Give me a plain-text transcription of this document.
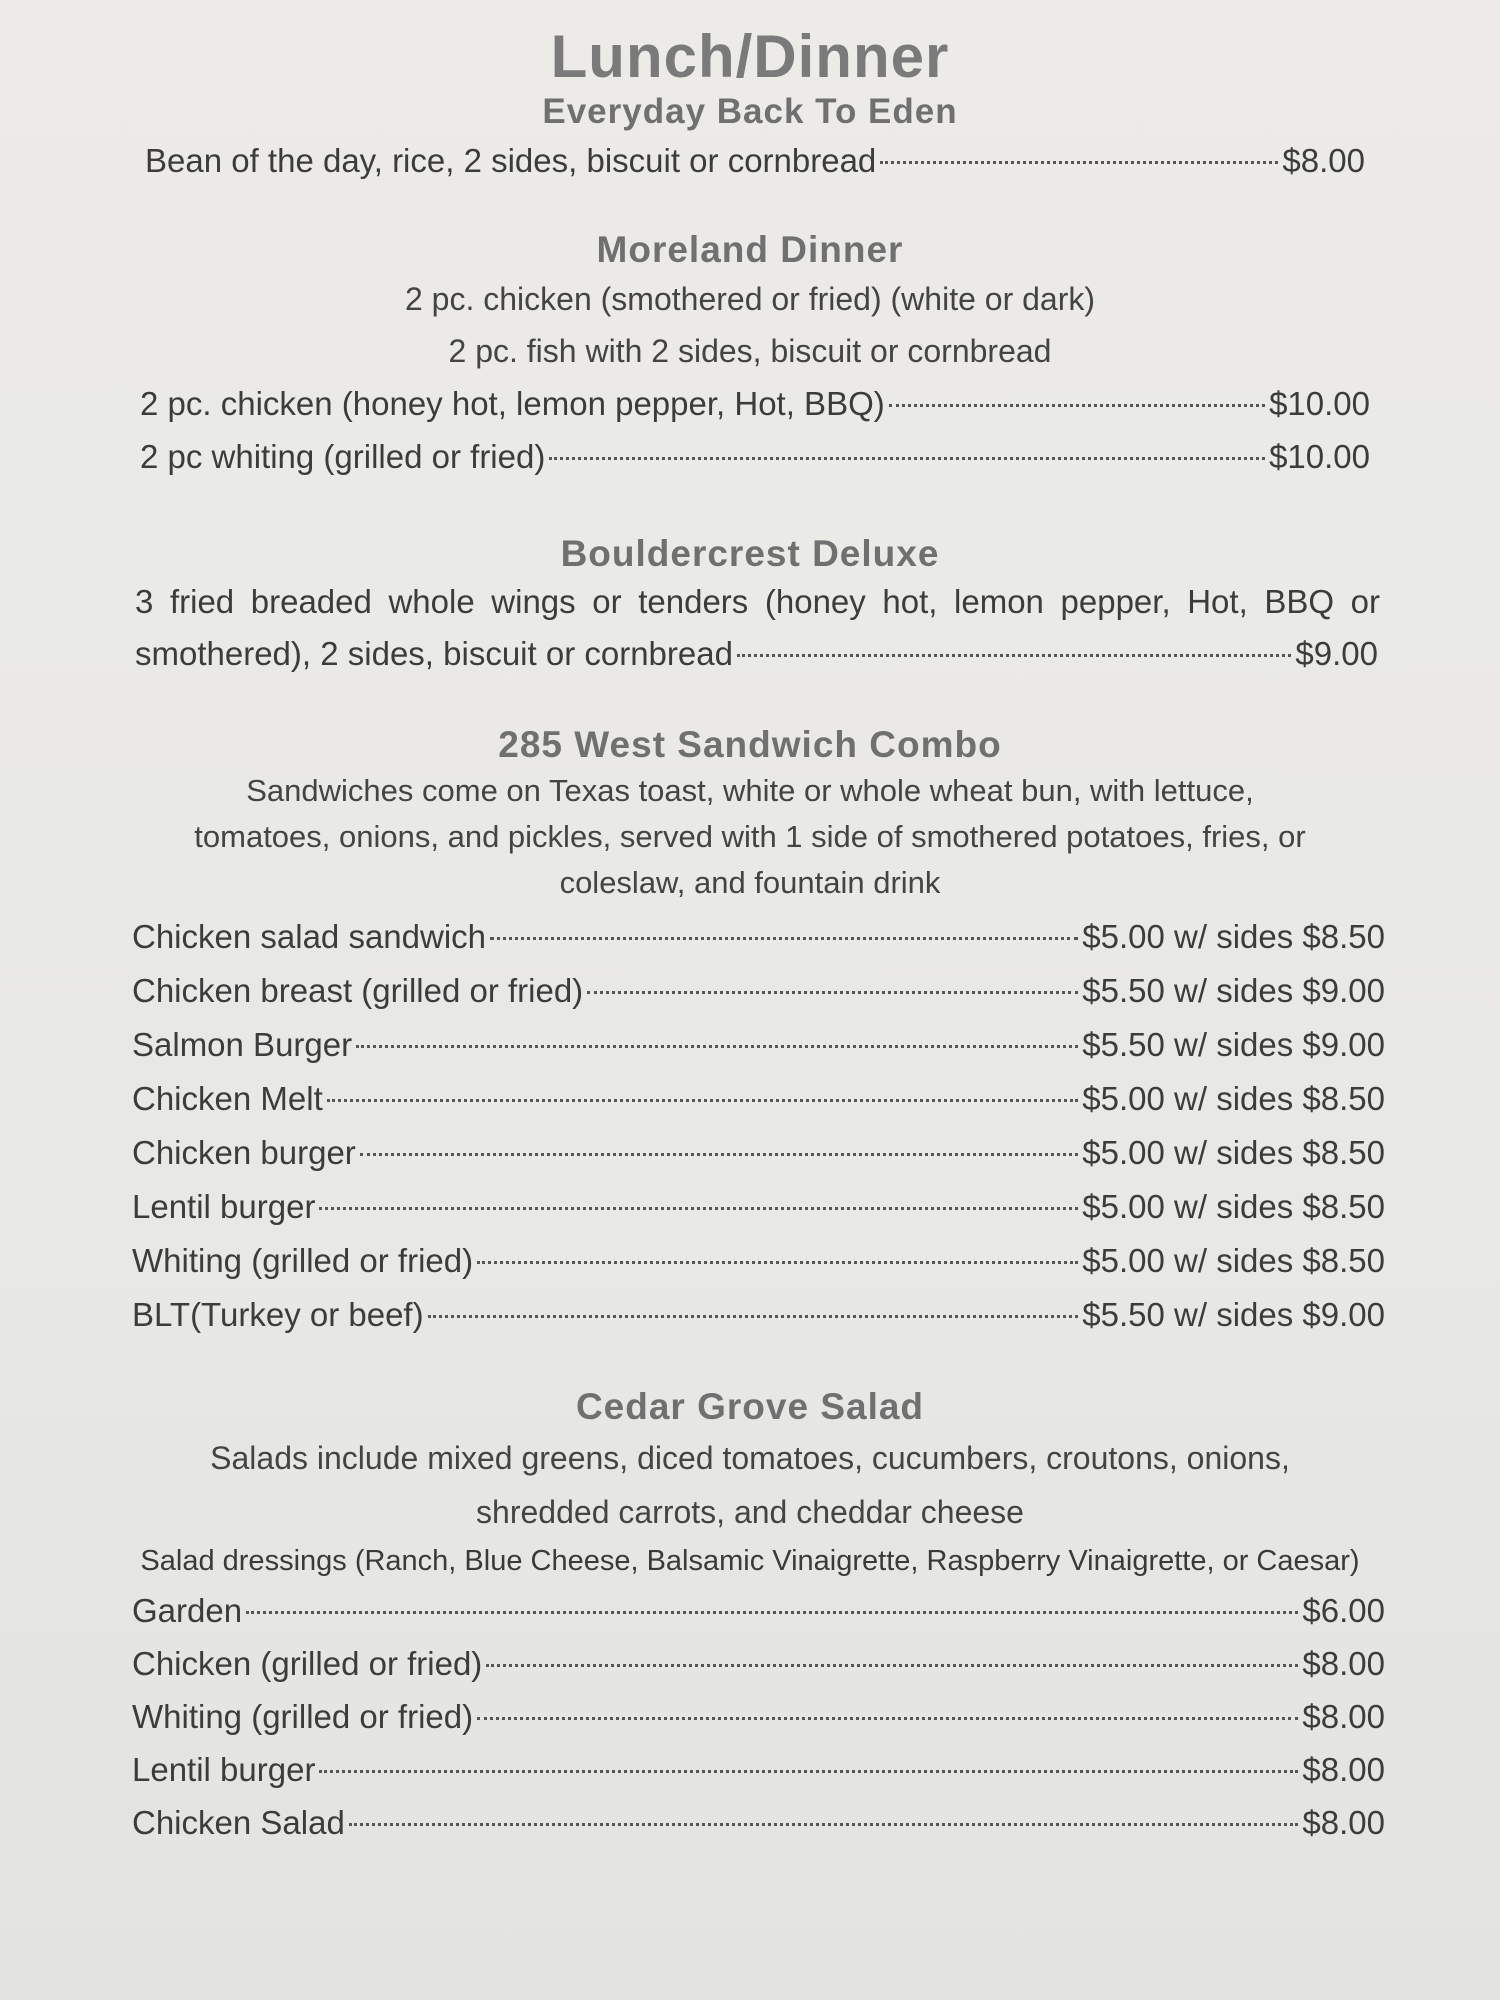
Lunch/Dinner
Everyday Back To Eden
Bean of the day, rice, 2 sides, biscuit or cornbread	$8.00
Moreland Dinner
2 pc. chicken (smothered or fried) (white or dark)
2 pc. fish with 2 sides, biscuit or cornbread
2 pc. chicken (honey hot, lemon pepper, Hot, BBQ)	$10.00
2 pc whiting (grilled or fried)	$10.00
Bouldercrest Deluxe
3 fried breaded whole wings or tenders (honey hot, lemon pepper, Hot, BBQ or
smothered), 2 sides, biscuit or cornbread	$9.00
285 West Sandwich Combo
Sandwiches come on Texas toast, white or whole wheat bun, with lettuce,
tomatoes, onions, and pickles, served with 1 side of smothered potatoes, fries, or
coleslaw, and fountain drink
Chicken salad sandwich	$5.00 w/ sides $8.50
Chicken breast (grilled or fried)	$5.50 w/ sides $9.00
Salmon Burger	$5.50 w/ sides $9.00
Chicken Melt	$5.00 w/ sides $8.50
Chicken burger	$5.00 w/ sides $8.50
Lentil burger	$5.00 w/ sides $8.50
Whiting (grilled or fried)	$5.00 w/ sides $8.50
BLT(Turkey or beef)	$5.50 w/ sides $9.00
Cedar Grove Salad
Salads include mixed greens, diced tomatoes, cucumbers, croutons, onions,
shredded carrots, and cheddar cheese
Salad dressings (Ranch, Blue Cheese, Balsamic Vinaigrette, Raspberry Vinaigrette, or Caesar)
Garden	$6.00
Chicken (grilled or fried)	$8.00
Whiting (grilled or fried)	$8.00
Lentil burger	$8.00
Chicken Salad	$8.00
